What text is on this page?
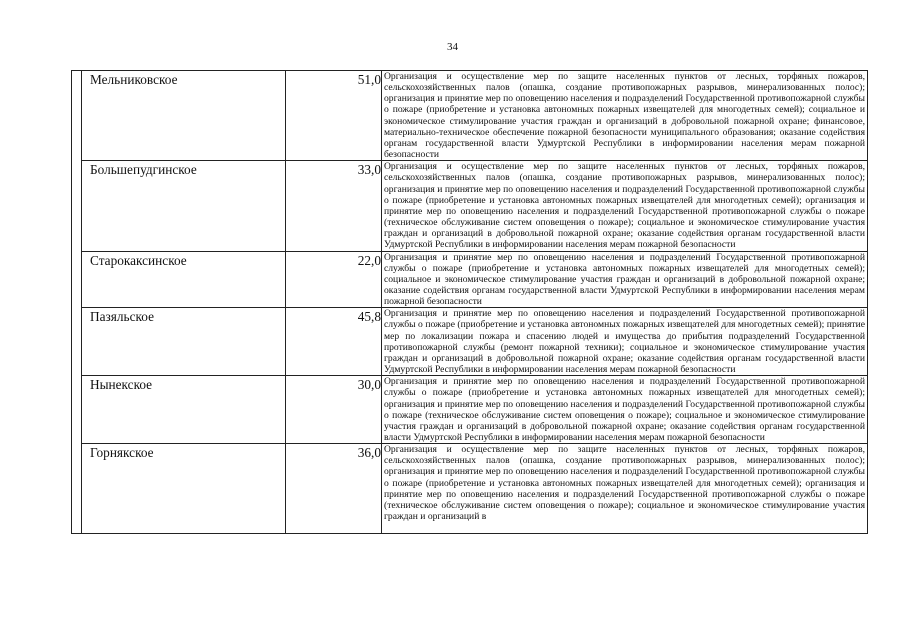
34
	Мельниковское	51,0	Организация и осуществление мер по защите населенных пунктов от лесных, торфяных пожаров, сельскохозяйственных палов (опашка, создание противопожарных разрывов, минерализованных полос); организация и принятие мер по оповещению населения и подразделений Государственной противопожарной службы о пожаре (приобретение и установка автономных пожарных извещателей для многодетных семей); социальное и экономическое стимулирование участия граждан и организаций в добровольной пожарной охране; финансовое, материально-техническое обеспечение пожарной безопасности муниципального образования; оказание содействия органам государственной власти Удмуртской Республики в информировании населения мерам пожарной безопасности
	Большепудгинское	33,0	Организация и осуществление мер по защите населенных пунктов от лесных, торфяных пожаров, сельскохозяйственных палов (опашка, создание противопожарных разрывов, минерализованных полос); организация и принятие мер по оповещению населения и подразделений Государственной противопожарной службы о пожаре (приобретение и установка автономных пожарных извещателей для многодетных семей); организация и принятие мер по оповещению населения и подразделений Государственной противопожарной службы о пожаре (техническое обслуживание систем оповещения о пожаре); социальное и экономическое стимулирование участия граждан и организаций в добровольной пожарной охране; оказание содействия органам государственной власти Удмуртской Республики в информировании населения мерам пожарной безопасности
	Старокаксинское	22,0	Организация и принятие мер по оповещению населения и подразделений Государственной противопожарной службы о пожаре (приобретение и установка автономных пожарных извещателей для многодетных семей); социальное и экономическое стимулирование участия граждан и организаций в добровольной пожарной охране; оказание содействия органам государственной власти Удмуртской Республики в информировании населения мерам пожарной безопасности
	Пазяльское	45,8	Организация и принятие мер по оповещению населения и подразделений Государственной противопожарной службы о пожаре (приобретение и установка автономных пожарных извещателей для многодетных семей); принятие мер по локализации пожара и спасению людей и имущества до прибытия подразделений Государственной противопожарной службы (ремонт пожарной техники); социальное и экономическое стимулирование участия граждан и организаций в добровольной пожарной охране; оказание содействия органам государственной власти Удмуртской Республики в информировании населения мерам пожарной безопасности
	Нынекское	30,0	Организация и принятие мер по оповещению населения и подразделений Государственной противопожарной службы о пожаре (приобретение и установка автономных пожарных извещателей для многодетных семей); организация и принятие мер по оповещению населения и подразделений Государственной противопожарной службы о пожаре (техническое обслуживание систем оповещения о пожаре); социальное и экономическое стимулирование участия граждан и организаций в добровольной пожарной охране; оказание содействия органам государственной власти Удмуртской Республики в информировании населения мерам пожарной безопасности
	Горнякское	36,0	Организация и осуществление мер по защите населенных пунктов от лесных, торфяных пожаров, сельскохозяйственных палов (опашка, создание противопожарных разрывов, минерализованных полос); организация и принятие мер по оповещению населения и подразделений Государственной противопожарной службы о пожаре (приобретение и установка автономных пожарных извещателей для многодетных семей); организация и принятие мер по оповещению населения и подразделений Государственной противопожарной службы о пожаре (техническое обслуживание систем оповещения о пожаре); социальное и экономическое стимулирование участия граждан и организаций в
